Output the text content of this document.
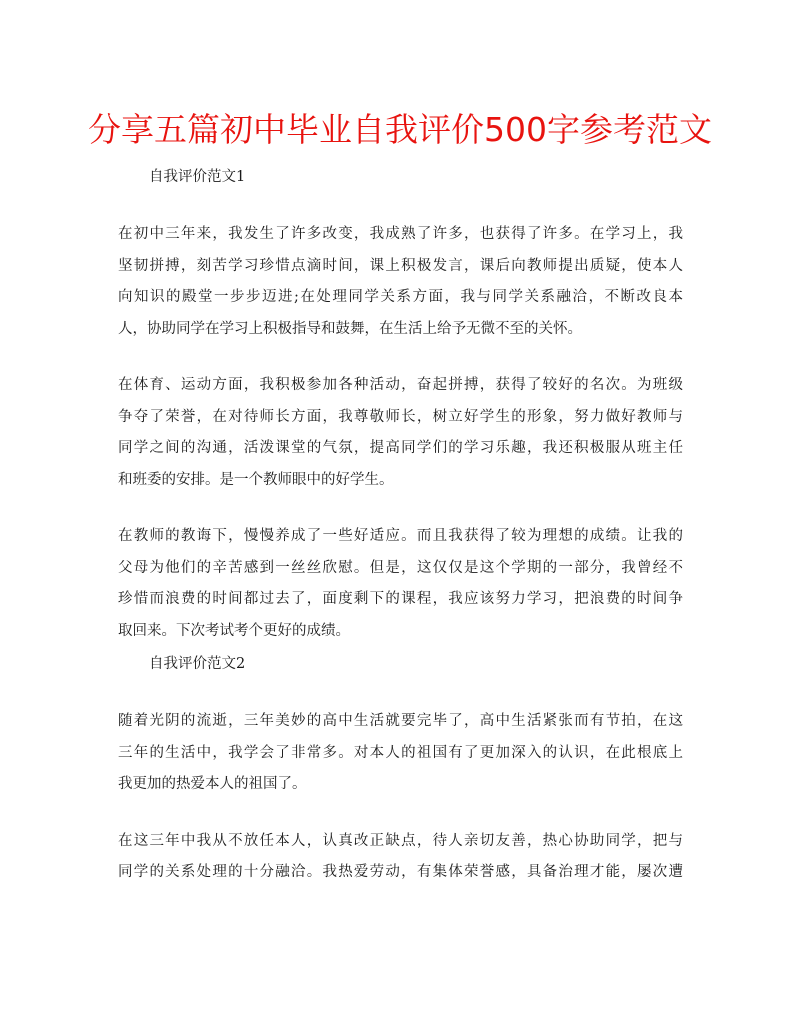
分享五篇初中毕业自我评价500字参考范文

自我评价范文1

在初中三年来，我发生了许多改变，我成熟了许多，也获得了许多。在学习上，我
坚韧拼搏，刻苦学习珍惜点滴时间，课上积极发言，课后向教师提出质疑，使本人
向知识的殿堂一步步迈进;在处理同学关系方面，我与同学关系融洽，不断改良本
人，协助同学在学习上积极指导和鼓舞，在生活上给予无微不至的关怀。
在体育、运动方面，我积极参加各种活动，奋起拼搏，获得了较好的名次。为班级
争夺了荣誉，在对待师长方面，我尊敬师长，树立好学生的形象，努力做好教师与
同学之间的沟通，活泼课堂的气氛，提高同学们的学习乐趣，我还积极服从班主任
和班委的安排。是一个教师眼中的好学生。
在教师的教诲下，慢慢养成了一些好适应。而且我获得了较为理想的成绩。让我的
父母为他们的辛苦感到一丝丝欣慰。但是，这仅仅是这个学期的一部分，我曾经不
珍惜而浪费的时间都过去了，面度剩下的课程，我应该努力学习，把浪费的时间争
取回来。下次考试考个更好的成绩。

自我评价范文2

随着光阴的流逝，三年美妙的高中生活就要完毕了，高中生活紧张而有节拍，在这
三年的生活中，我学会了非常多。对本人的祖国有了更加深入的认识，在此根底上
我更加的热爱本人的祖国了。
在这三年中我从不放任本人，认真改正缺点，待人亲切友善，热心协助同学，把与
同学的关系处理的十分融洽。我热爱劳动，有集体荣誉感，具备治理才能，屡次遭
